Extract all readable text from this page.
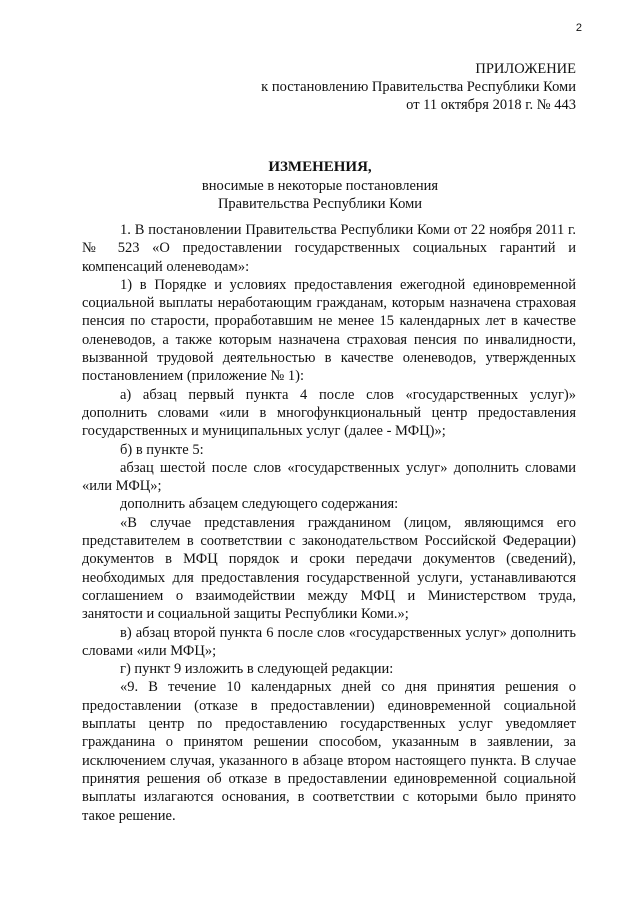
2
ПРИЛОЖЕНИЕ
к постановлению Правительства Республики Коми
от 11 октября 2018 г. № 443
ИЗМЕНЕНИЯ,
вносимые в некоторые постановления
Правительства Республики Коми

1. В постановлении Правительства Республики Коми от 22 ноября 2011 г. № 523 «О предоставлении государственных социальных гарантий и компенсаций оленеводам»:

1) в Порядке и условиях предоставления ежегодной единовременной социальной выплаты неработающим гражданам, которым назначена страховая пенсия по старости, проработавшим не менее 15 календарных лет в качестве оленеводов, а также которым назначена страховая пенсия по инвалидности, вызванной трудовой деятельностью в качестве оленеводов, утвержденных постановлением (приложение № 1):

а) абзац первый пункта 4 после слов «государственных услуг)» дополнить словами «или в многофункциональный центр предоставления государственных и муниципальных услуг (далее - МФЦ)»;

б) в пункте 5:

абзац шестой после слов «государственных услуг» дополнить словами «или МФЦ»;

дополнить абзацем следующего содержания:

«В случае представления гражданином (лицом, являющимся его представителем в соответствии с законодательством Российской Федерации) документов в МФЦ порядок и сроки передачи документов (сведений), необходимых для предоставления государственной услуги, устанавливаются соглашением о взаимодействии между МФЦ и Министерством труда, занятости и социальной защиты Республики Коми.»;

в) абзац второй пункта 6 после слов «государственных услуг» дополнить словами «или МФЦ»;

г) пункт 9 изложить в следующей редакции:

«9. В течение 10 календарных дней со дня принятия решения о предоставлении (отказе в предоставлении) единовременной социальной выплаты центр по предоставлению государственных услуг уведомляет гражданина о принятом решении способом, указанным в заявлении, за исключением случая, указанного в абзаце втором настоящего пункта. В случае принятия решения об отказе в предоставлении единовременной социальной выплаты излагаются основания, в соответствии с которыми было принято такое решение.
